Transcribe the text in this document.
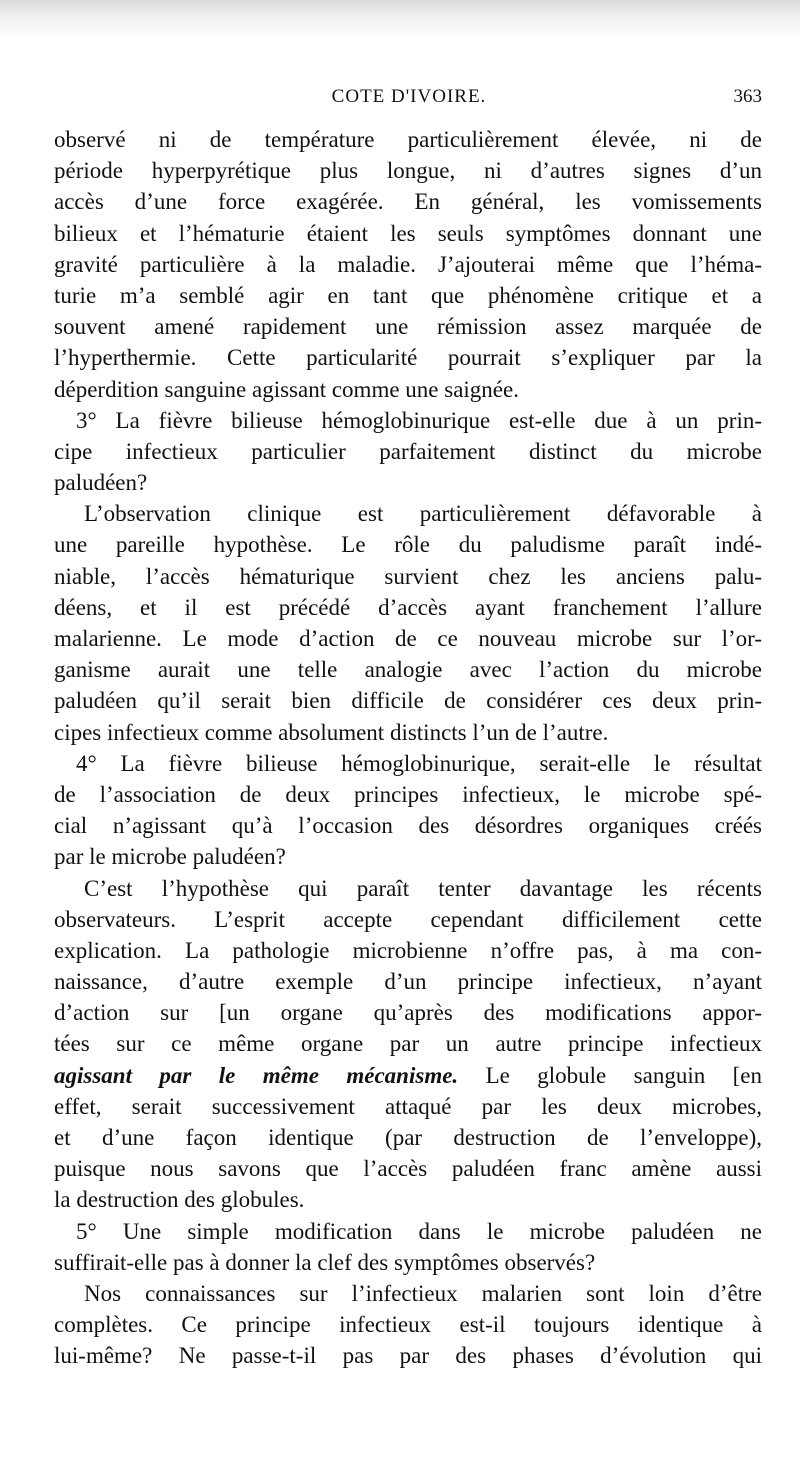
COTE D'IVOIRE.	363
observé ni de température particulièrement élevée, ni de
période hyperpyrétique plus longue, ni d’autres signes d’un
accès d’une force exagérée. En général, les vomissements
bilieux et l’hématurie étaient les seuls symptômes donnant une
gravité particulière à la maladie. J’ajouterai même que l’héma-
turie m’a semblé agir en tant que phénomène critique et a
souvent amené rapidement une rémission assez marquée de
l’hyperthermie. Cette particularité pourrait s’expliquer par la
déperdition sanguine agissant comme une saignée.
3° La fièvre bilieuse hémoglobinurique est-elle due à un prin-
cipe infectieux particulier parfaitement distinct du microbe
paludéen?
L’observation clinique est particulièrement défavorable à
une pareille hypothèse. Le rôle du paludisme paraît indé-
niable, l’accès hématurique survient chez les anciens palu-
déens, et il est précédé d’accès ayant franchement l’allure
malarienne. Le mode d’action de ce nouveau microbe sur l’or-
ganisme aurait une telle analogie avec l’action du microbe
paludéen qu’il serait bien difficile de considérer ces deux prin-
cipes infectieux comme absolument distincts l’un de l’autre.
4° La fièvre bilieuse hémoglobinurique, serait-elle le résultat
de l’association de deux principes infectieux, le microbe spé-
cial n’agissant qu’à l’occasion des désordres organiques créés
par le microbe paludéen?
C’est l’hypothèse qui paraît tenter davantage les récents
observateurs. L’esprit accepte cependant difficilement cette
explication. La pathologie microbienne n’offre pas, à ma con-
naissance, d’autre exemple d’un principe infectieux, n’ayant
d’action sur [un organe qu’après des modifications appor-
tées sur ce même organe par un autre principe infectieux
agissant par le même mécanisme. Le globule sanguin [en
effet, serait successivement attaqué par les deux microbes,
et d’une façon identique (par destruction de l’enveloppe),
puisque nous savons que l’accès paludéen franc amène aussi
la destruction des globules.
5° Une simple modification dans le microbe paludéen ne
suffirait-elle pas à donner la clef des symptômes observés?
Nos connaissances sur l’infectieux malarien sont loin d’être
complètes. Ce principe infectieux est-il toujours identique à
lui-même? Ne passe-t-il pas par des phases d’évolution qui
